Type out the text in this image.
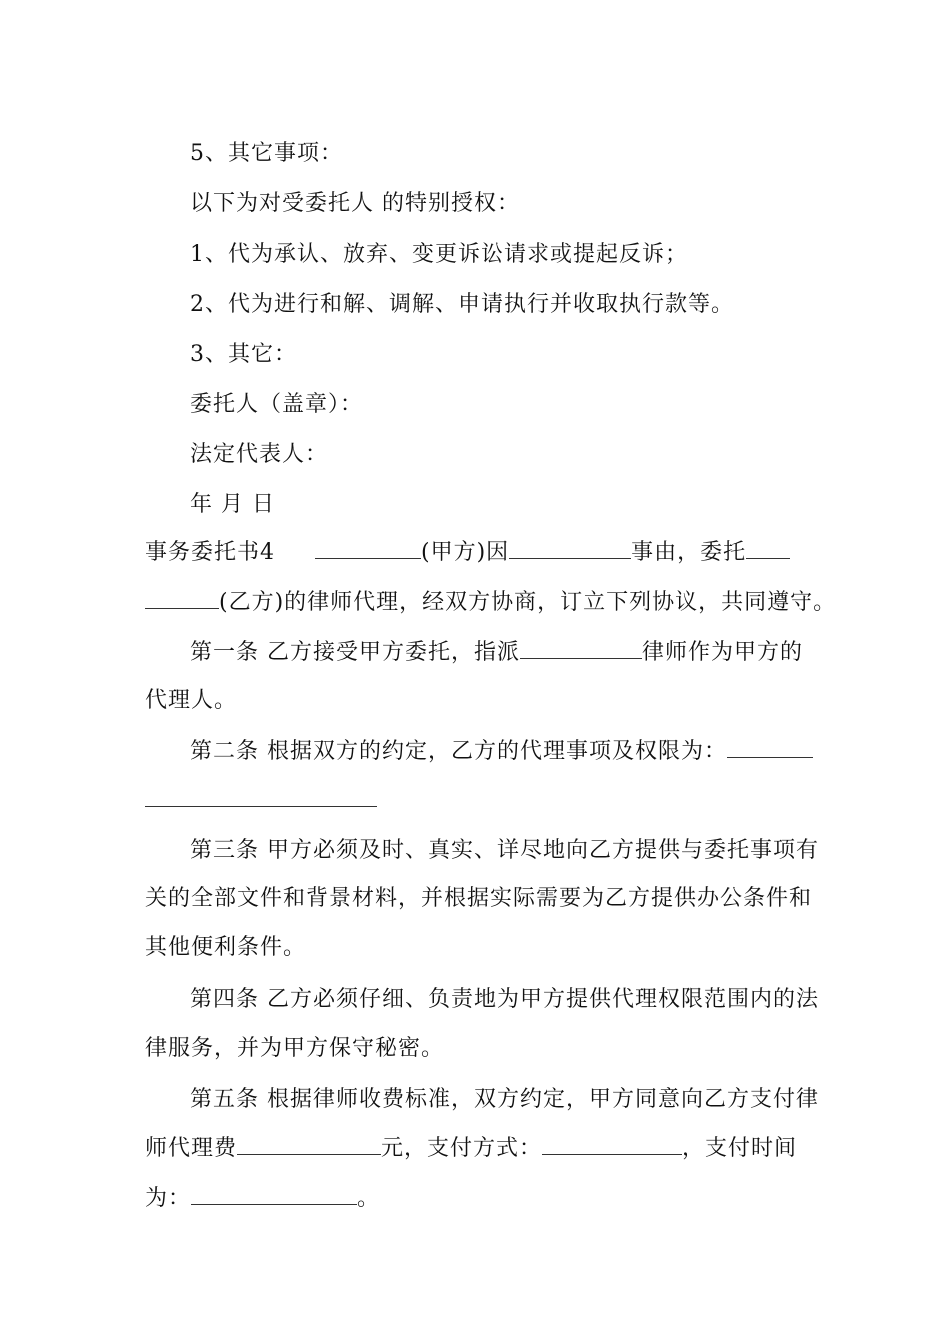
5、其它事项：
以下为对受委托人 的特别授权：
1、代为承认、放弃、变更诉讼请求或提起反诉；
2、代为进行和解、调解、申请执行并收取执行款等。
3、其它：
委托人（盖章）：
法定代表人：
年 月 日
事务委托书4	(甲方)因	事由，委托
(乙方)的律师代理，经双方协商，订立下列协议，共同遵守。
第一条 乙方接受甲方委托，指派	律师作为甲方的
代理人。
第二条 根据双方的约定，乙方的代理事项及权限为：
第三条 甲方必须及时、真实、详尽地向乙方提供与委托事项有
关的全部文件和背景材料，并根据实际需要为乙方提供办公条件和
其他便利条件。
第四条 乙方必须仔细、负责地为甲方提供代理权限范围内的法
律服务，并为甲方保守秘密。
第五条 根据律师收费标准，双方约定，甲方同意向乙方支付律
师代理费	元，支付方式：	，支付时间
为：	。
